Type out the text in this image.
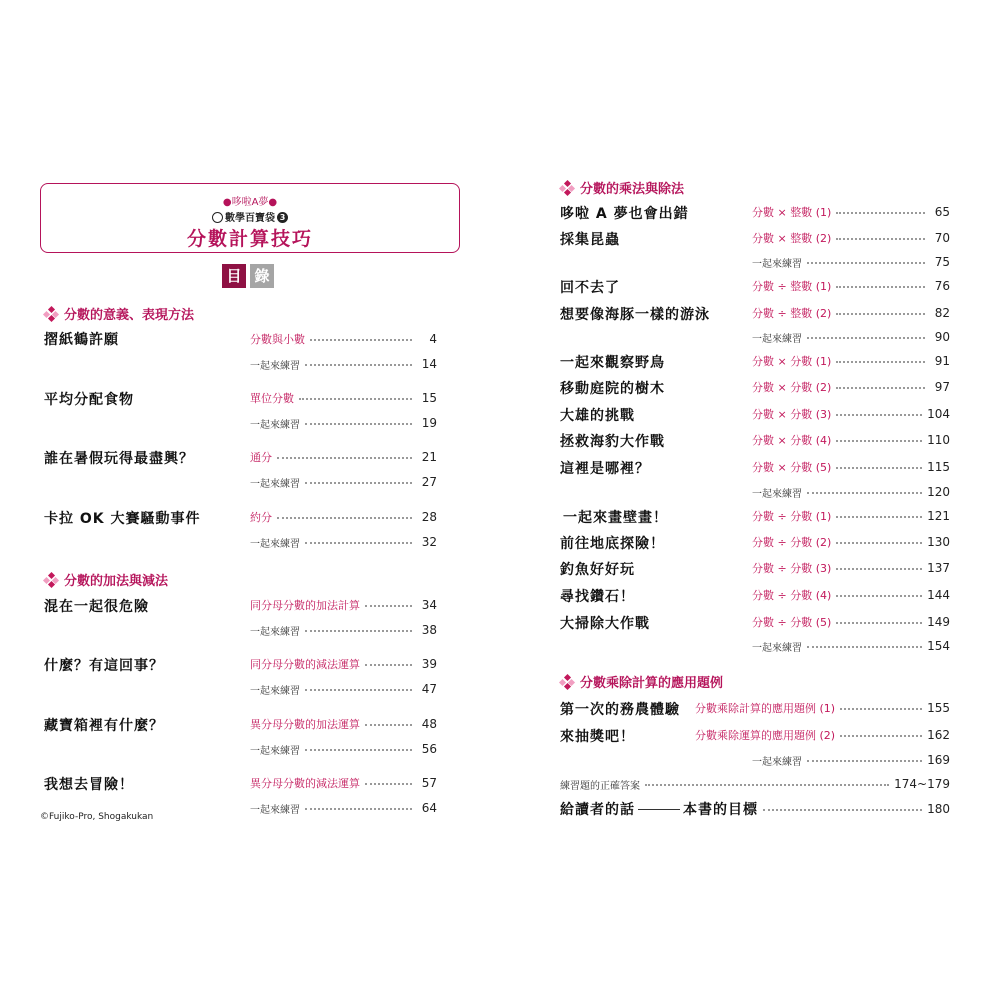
●哆啦A夢●
數學百寶袋 3
分數計算技巧
目 錄
分數的意義、表現方法
摺紙鶴許願	分數與小數	4
一起來練習	14
平均分配食物	單位分數	15
一起來練習	19
誰在暑假玩得最盡興？	通分	21
一起來練習	27
卡拉 OK 大賽騷動事件	約分	28
一起來練習	32
分數的加法與減法
混在一起很危險	同分母分數的加法計算	34
一起來練習	38
什麼？有這回事？	同分母分數的減法運算	39
一起來練習	47
藏寶箱裡有什麼？	異分母分數的加法運算	48
一起來練習	56
我想去冒險！	異分母分數的減法運算	57
一起來練習	64
©Fujiko-Pro, Shogakukan
分數的乘法與除法
哆啦 A 夢也會出錯	分數 × 整數 (1)	65
採集昆蟲	分數 × 整數 (2)	70
一起來練習	75
回不去了	分數 ÷ 整數 (1)	76
想要像海豚一樣的游泳	分數 ÷ 整數 (2)	82
一起來練習	90
一起來觀察野鳥	分數 × 分數 (1)	91
移動庭院的樹木	分數 × 分數 (2)	97
大雄的挑戰	分數 × 分數 (3)	104
拯救海豹大作戰	分數 × 分數 (4)	110
這裡是哪裡？	分數 × 分數 (5)	115
一起來練習	120
一起來畫壁畫！	分數 ÷ 分數 (1)	121
前往地底探險！	分數 ÷ 分數 (2)	130
釣魚好好玩	分數 ÷ 分數 (3)	137
尋找鑽石！	分數 ÷ 分數 (4)	144
大掃除大作戰	分數 ÷ 分數 (5)	149
一起來練習	154
分數乘除計算的應用題例
第一次的務農體驗 分數乘除計算的應用題例 (1)	155
來抽獎吧！	分數乘除運算的應用題例 (2)	162
一起來練習	169
練習題的正確答案	174~179
給讀者的話	本書的目標	180
